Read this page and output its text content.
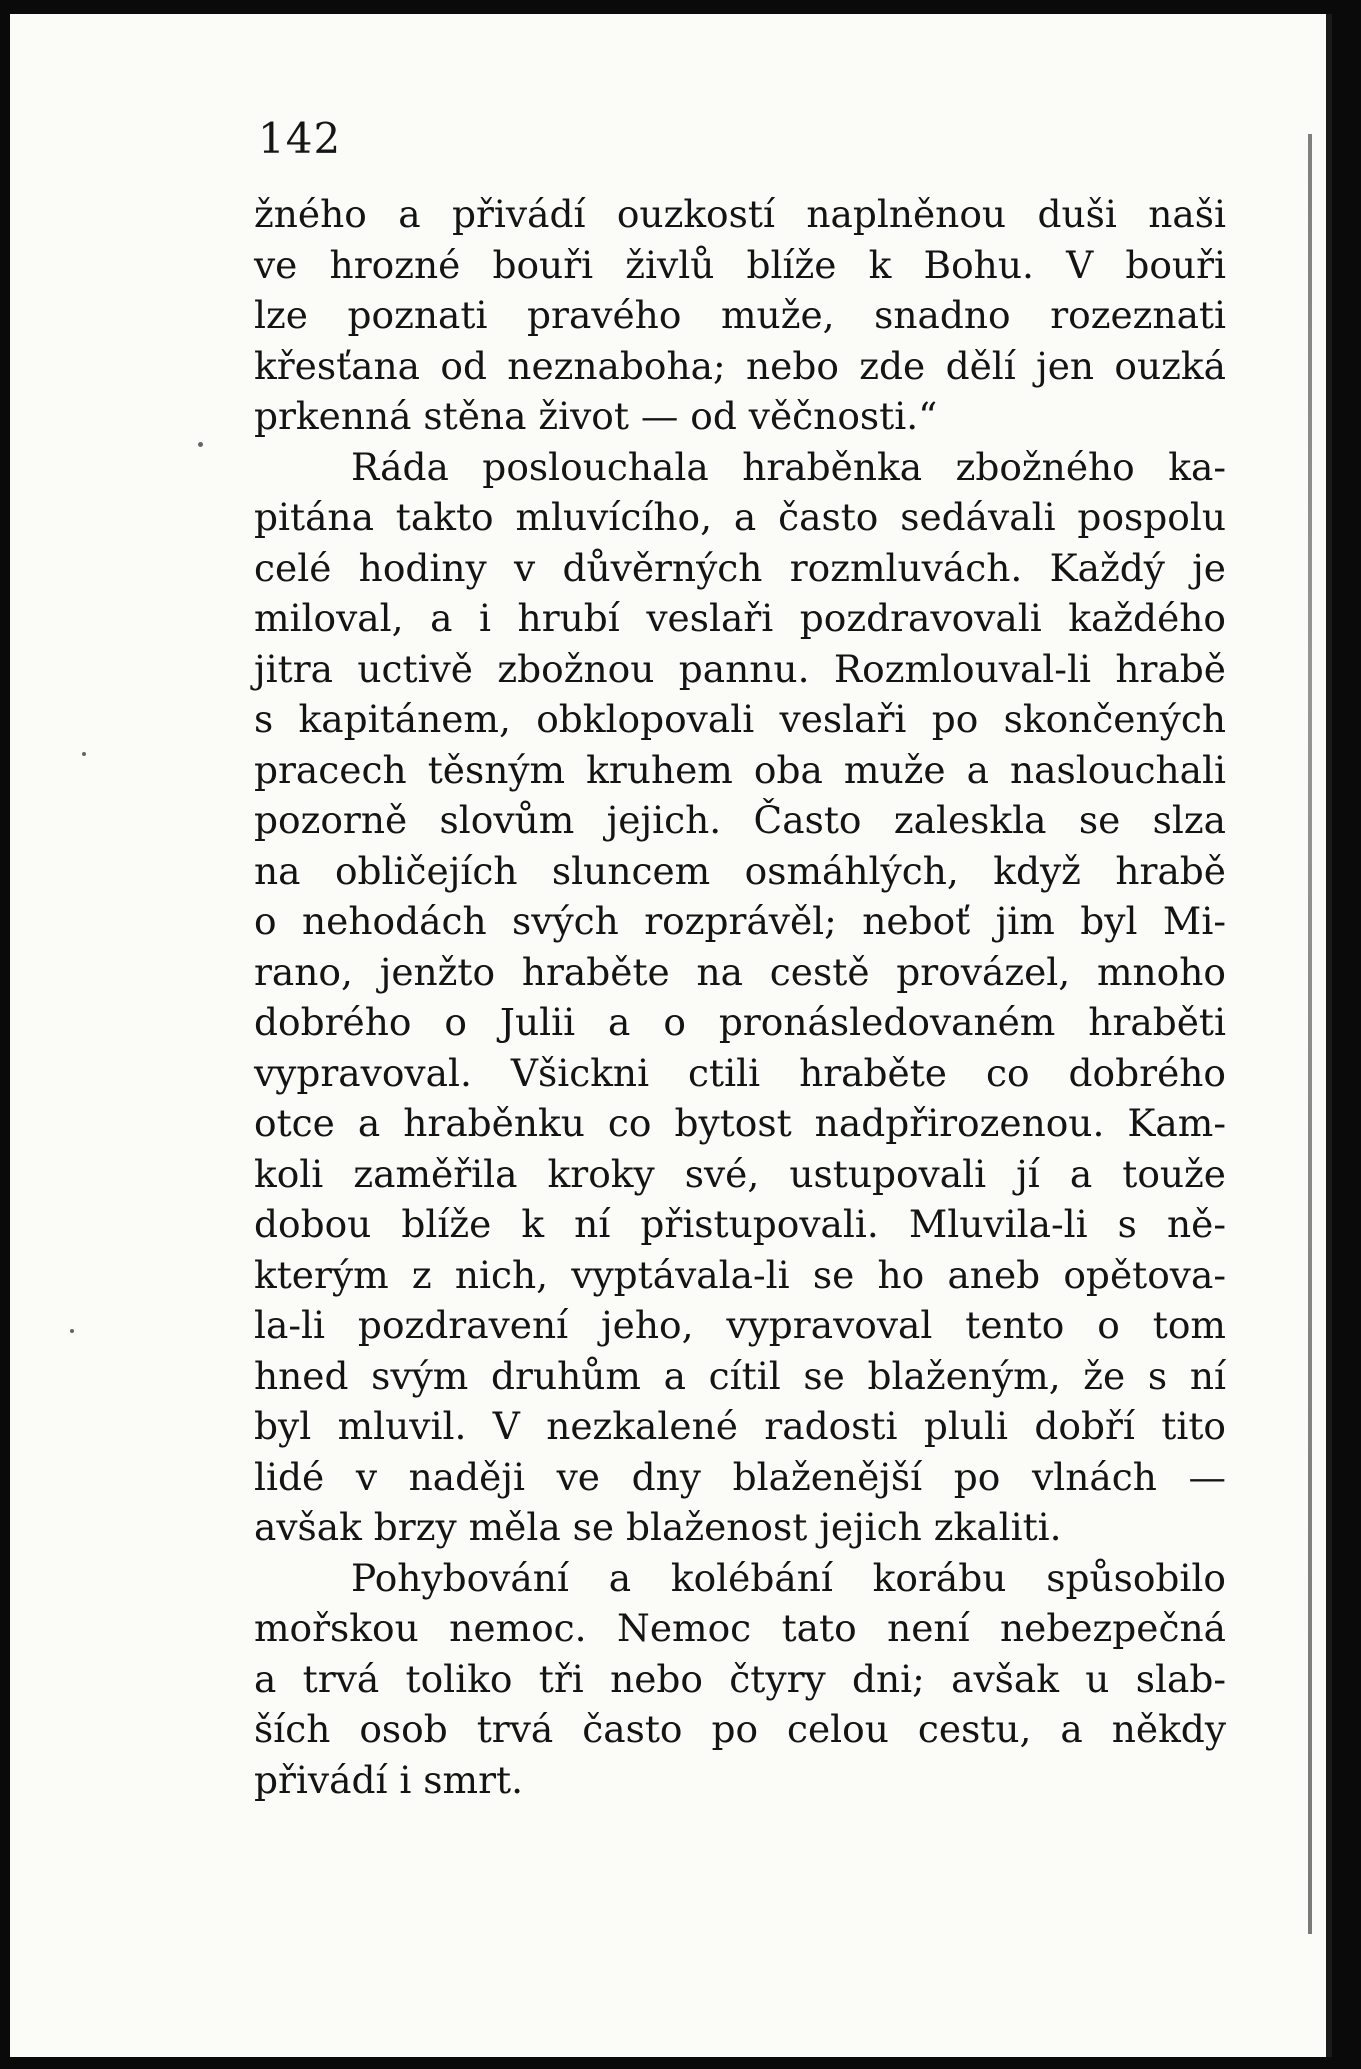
142
žného a přivádí ouzkostí naplněnou duši naši
ve hrozné bouři živlů blíže k Bohu. V bouři
lze poznati pravého muže, snadno rozeznati
křesťana od neznaboha; nebo zde dělí jen ouzká
prkenná stěna život — od věčnosti.“
Ráda poslouchala hraběnka zbožného ka-
pitána takto mluvícího, a často sedávali pospolu
celé hodiny v důvěrných rozmluvách. Každý je
miloval, a i hrubí veslaři pozdravovali každého
jitra uctivě zbožnou pannu. Rozmlouval-li hrabě
s kapitánem, obklopovali veslaři po skončených
pracech těsným kruhem oba muže a naslouchali
pozorně slovům jejich. Často zaleskla se slza
na obličejích sluncem osmáhlých, když hrabě
o nehodách svých rozprávěl; neboť jim byl Mi-
rano, jenžto hraběte na cestě provázel, mnoho
dobrého o Julii a o pronásledovaném hraběti
vypravoval. Všickni ctili hraběte co dobrého
otce a hraběnku co bytost nadpřirozenou. Kam-
koli zaměřila kroky své, ustupovali jí a touže
dobou blíže k ní přistupovali. Mluvila-li s ně-
kterým z nich, vyptávala-li se ho aneb opětova-
la-li pozdravení jeho, vypravoval tento o tom
hned svým druhům a cítil se blaženým, že s ní
byl mluvil. V nezkalené radosti pluli dobří tito
lidé v naději ve dny blaženější po vlnách —
avšak brzy měla se blaženost jejich zkaliti.
Pohybování a kolébání korábu spůsobilo
mořskou nemoc. Nemoc tato není nebezpečná
a trvá toliko tři nebo čtyry dni; avšak u slab-
ších osob trvá často po celou cestu, a někdy
přivádí i smrt.
